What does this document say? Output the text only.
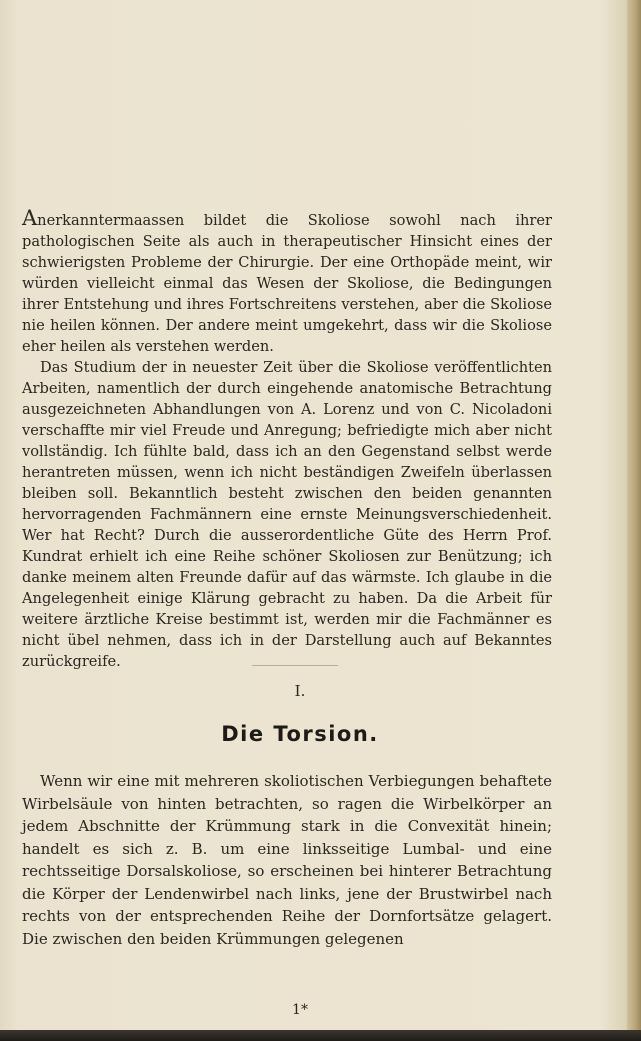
Anerkanntermaassen bildet die Skoliose sowohl nach ihrer pathologischen Seite als auch in therapeutischer Hinsicht eines der schwierigsten Probleme der Chirurgie. Der eine Orthopäde meint, wir würden vielleicht einmal das Wesen der Skoliose, die Bedingungen ihrer Entstehung und ihres Fortschreitens verstehen, aber die Skoliose nie heilen können. Der andere meint umgekehrt, dass wir die Skoliose eher heilen als verstehen werden.

Das Studium der in neuester Zeit über die Skoliose veröffentlichten Arbeiten, namentlich der durch eingehende anatomische Betrachtung ausgezeichneten Abhandlungen von A. Lorenz und von C. Nicoladoni verschaffte mir viel Freude und Anregung; befriedigte mich aber nicht vollständig. Ich fühlte bald, dass ich an den Gegenstand selbst werde herantreten müssen, wenn ich nicht beständigen Zweifeln überlassen bleiben soll. Bekanntlich besteht zwischen den beiden genannten hervorragenden Fachmännern eine ernste Meinungsverschiedenheit. Wer hat Recht? Durch die ausserordentliche Güte des Herrn Prof. Kundrat erhielt ich eine Reihe schöner Skoliosen zur Benützung; ich danke meinem alten Freunde dafür auf das wärmste. Ich glaube in die Angelegenheit einige Klärung gebracht zu haben. Da die Arbeit für weitere ärztliche Kreise bestimmt ist, werden mir die Fachmänner es nicht übel nehmen, dass ich in der Darstellung auch auf Bekanntes zurückgreife.

I.
Die Torsion.

Wenn wir eine mit mehreren skoliotischen Verbiegungen behaftete Wirbelsäule von hinten betrachten, so ragen die Wirbelkörper an jedem Abschnitte der Krümmung stark in die Convexität hinein; handelt es sich z. B. um eine linksseitige Lumbal- und eine rechtsseitige Dorsalskoliose, so erscheinen bei hinterer Betrachtung die Körper der Lendenwirbel nach links, jene der Brustwirbel nach rechts von der entsprechenden Reihe der Dornfortsätze gelagert. Die zwischen den beiden Krümmungen gelegenen

1*
